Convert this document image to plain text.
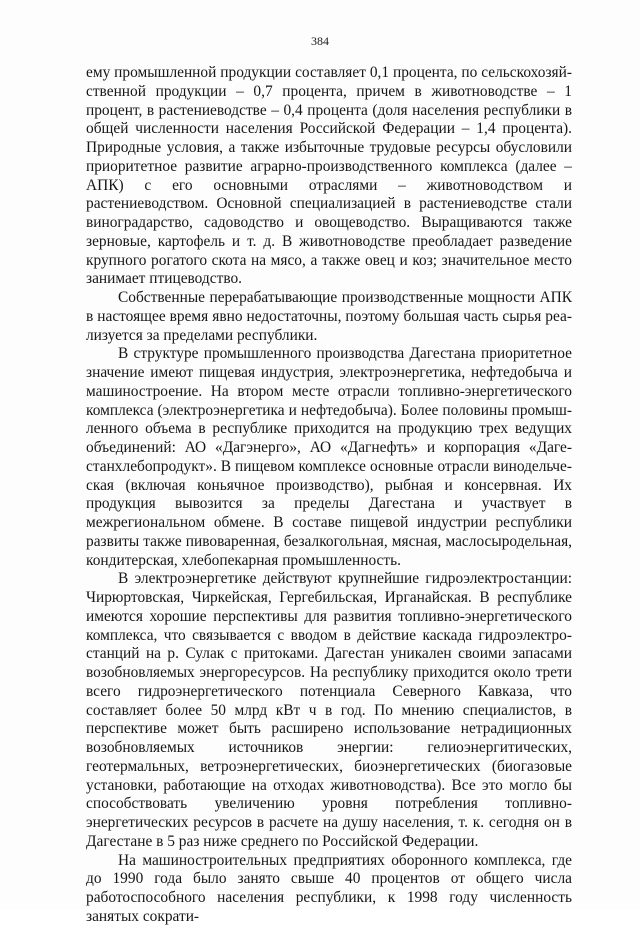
384

ему промышленной продукции составляет 0,1 процента, по сельскохозяйственной продукции – 0,7 процента, причем в животноводстве – 1 процент, в растениеводстве – 0,4 процента (доля населения республики в общей численности населения Российской Федерации – 1,4 процента). Природные условия, а также избыточные трудовые ресурсы обусловили приоритетное развитие аграрно-производственного комплекса (далее – АПК) с его основными отраслями – животноводством и растениеводством. Основной специализацией в растениеводстве стали виноградарство, садоводство и овощеводство. Выращиваются также зерновые, картофель и т. д. В животноводстве преобладает разведение крупного рогатого скота на мясо, а также овец и коз; значительное место занимает птицеводство.

Собственные перерабатывающие производственные мощности АПК в настоящее время явно недостаточны, поэтому большая часть сырья реализуется за пределами республики.

В структуре промышленного производства Дагестана приоритетное значение имеют пищевая индустрия, электроэнергетика, нефтедобыча и машиностроение. На втором месте отрасли топливно-энергетического комплекса (электроэнергетика и нефтедобыча). Более половины промышленного объема в республике приходится на продукцию трех ведущих объединений: АО «Дагэнерго», АО «Дагнефть» и корпорация «Дагестанхлебопродукт». В пищевом комплексе основные отрасли винодельческая (включая коньячное производство), рыбная и консервная. Их продукция вывозится за пределы Дагестана и участвует в межрегиональном обмене. В составе пищевой индустрии республики развиты также пивоваренная, безалкогольная, мясная, маслосыродельная, кондитерская, хлебопекарная промышленность.

В электроэнергетике действуют крупнейшие гидроэлектростанции: Чирюртовская, Чиркейская, Гергебильская, Ирганайская. В республике имеются хорошие перспективы для развития топливно-энергетического комплекса, что связывается с вводом в действие каскада гидроэлектростанций на р. Сулак с притоками. Дагестан уникален своими запасами возобновляемых энергоресурсов. На республику приходится около трети всего гидроэнергетического потенциала Северного Кавказа, что составляет более 50 млрд кВт ч в год. По мнению специалистов, в перспективе может быть расширено использование нетрадиционных возобновляемых источников энергии: гелиоэнергитических, геотермальных, ветроэнергетических, биоэнергетических (биогазовые установки, работающие на отходах животноводства). Все это могло бы способствовать увеличению уровня потребления топливно-энергетических ресурсов в расчете на душу населения, т. к. сегодня он в Дагестане в 5 раз ниже среднего по Российской Федерации.

На машиностроительных предприятиях оборонного комплекса, где до 1990 года было занято свыше 40 процентов от общего числа работоспособного населения республики, к 1998 году численность занятых сократи-
